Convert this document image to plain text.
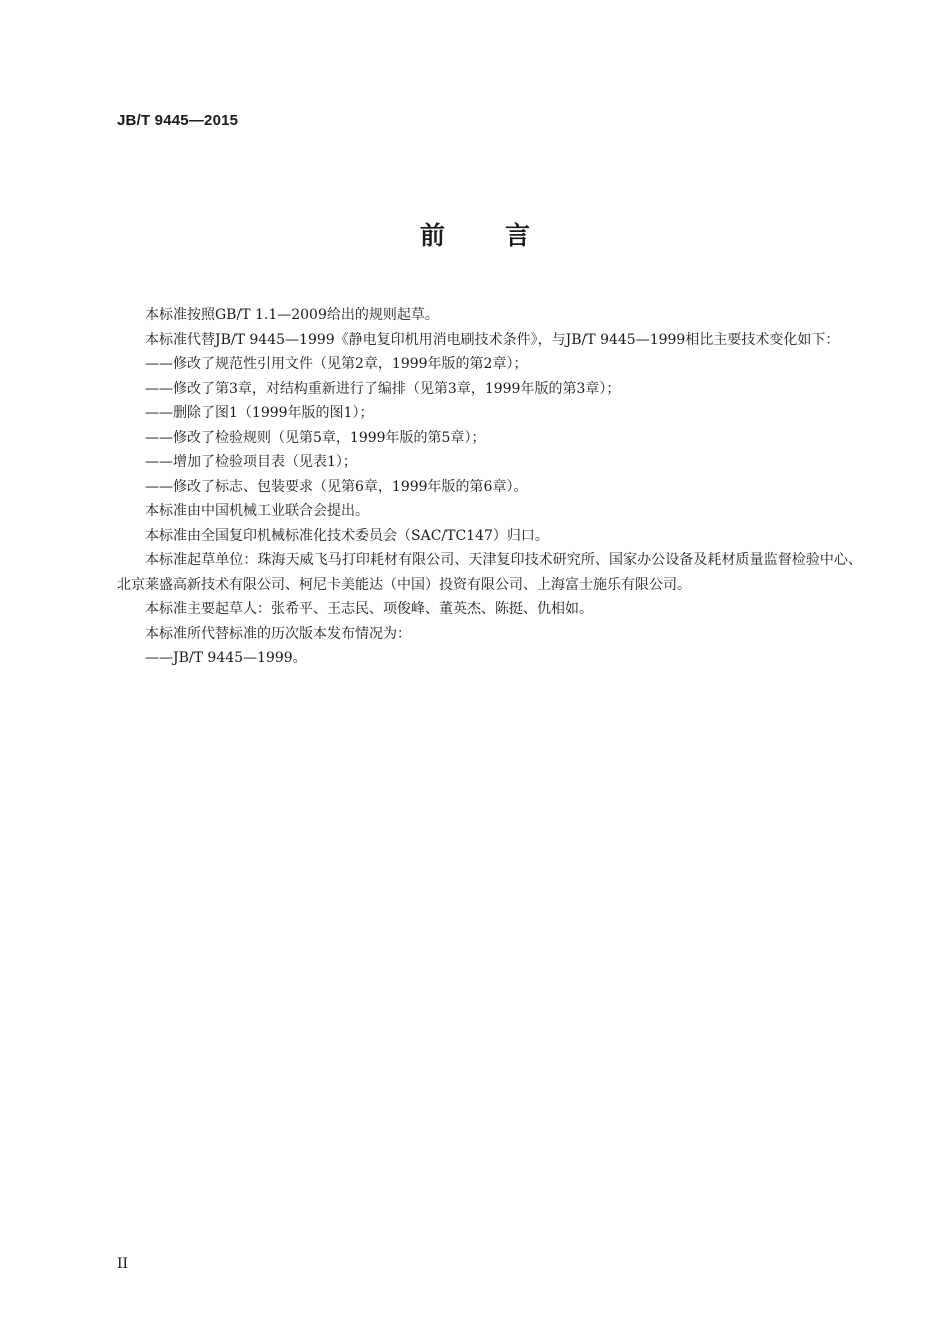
JB/T 9445—2015
前言

本标准按照GB/T 1.1—2009给出的规则起草。

本标准代替JB/T 9445—1999《静电复印机用消电刷技术条件》，与JB/T 9445—1999相比主要技术变化如下：

——修改了规范性引用文件（见第2章，1999年版的第2章）；

——修改了第3章，对结构重新进行了编排（见第3章，1999年版的第3章）；

——删除了图1（1999年版的图1）；

——修改了检验规则（见第5章，1999年版的第5章）；

——增加了检验项目表（见表1）；

——修改了标志、包装要求（见第6章，1999年版的第6章）。

本标准由中国机械工业联合会提出。

本标准由全国复印机械标准化技术委员会（SAC/TC147）归口。

本标准起草单位：珠海天威飞马打印耗材有限公司、天津复印技术研究所、国家办公设备及耗材质量监督检验中心、北京莱盛高新技术有限公司、柯尼卡美能达（中国）投资有限公司、上海富士施乐有限公司。

本标准主要起草人：张希平、王志民、项俊峰、董英杰、陈挺、仇相如。

本标准所代替标准的历次版本发布情况为：

——JB/T 9445—1999。

II
